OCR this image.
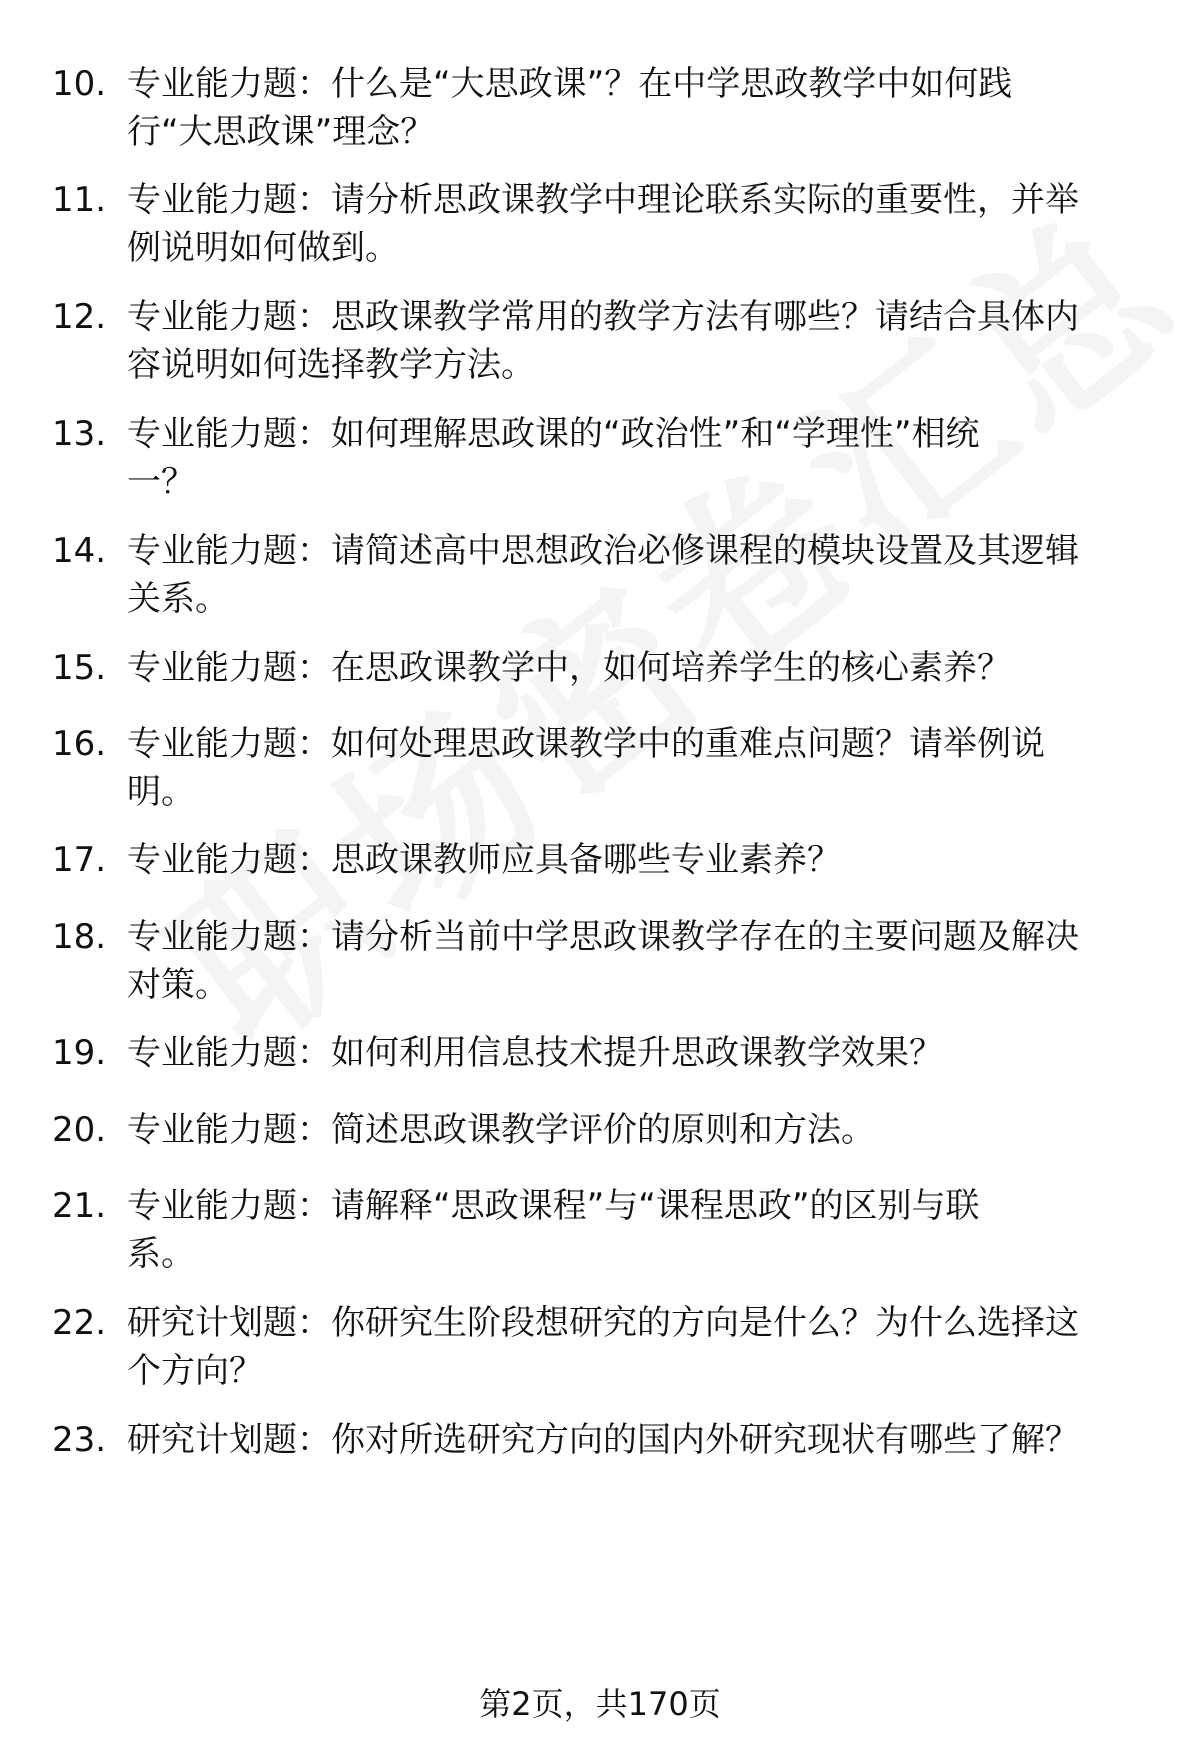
10. 专业能力题：什么是“大思政课”？在中学思政教学中如何践
行“大思政课”理念？
11. 专业能力题：请分析思政课教学中理论联系实际的重要性，并举
例说明如何做到。
12. 专业能力题：思政课教学常用的教学方法有哪些？请结合具体内
容说明如何选择教学方法。
13. 专业能力题：如何理解思政课的“政治性”和“学理性”相统
一？
14. 专业能力题：请简述高中思想政治必修课程的模块设置及其逻辑
关系。
15. 专业能力题：在思政课教学中，如何培养学生的核心素养？
16. 专业能力题：如何处理思政课教学中的重难点问题？请举例说
明。
17. 专业能力题：思政课教师应具备哪些专业素养？
18. 专业能力题：请分析当前中学思政课教学存在的主要问题及解决
对策。
19. 专业能力题：如何利用信息技术提升思政课教学效果？
20. 专业能力题：简述思政课教学评价的原则和方法。
21. 专业能力题：请解释“思政课程”与“课程思政”的区别与联
系。
22. 研究计划题：你研究生阶段想研究的方向是什么？为什么选择这
个方向？
23. 研究计划题：你对所选研究方向的国内外研究现状有哪些了解？
第2页，共170页
